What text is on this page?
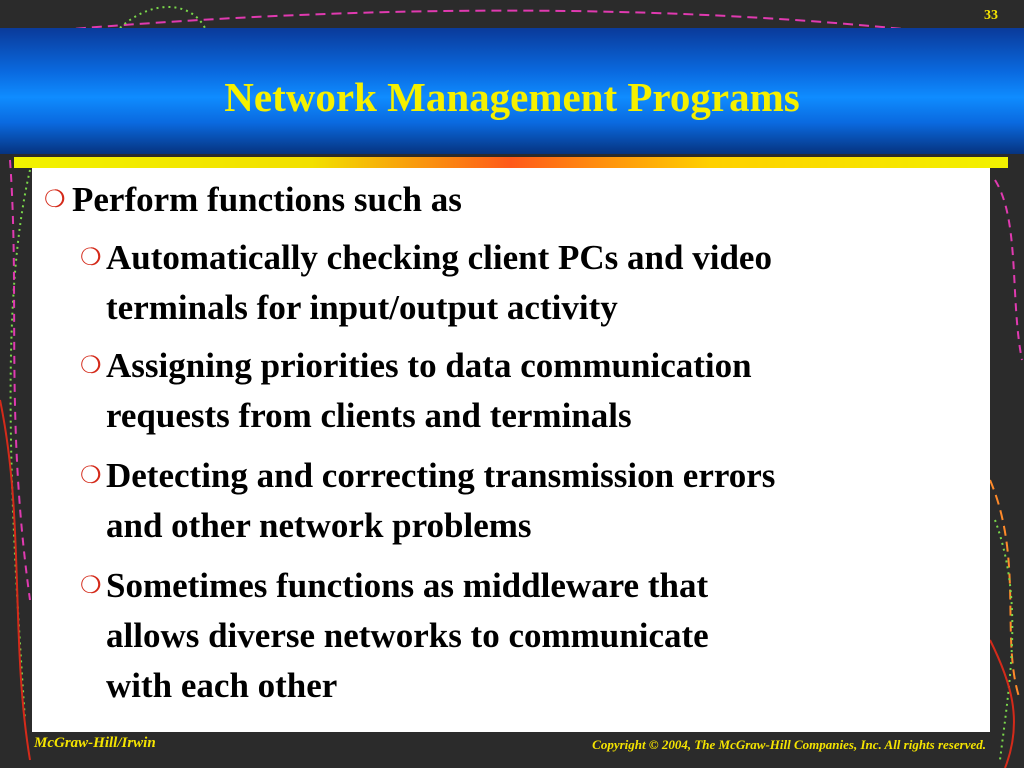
33
Network Management Programs
❍ Perform functions such as
❍ Automatically checking client PCs and video
terminals for input/output activity
❍ Assigning priorities to data communication
requests from clients and terminals
❍ Detecting and correcting transmission errors
and other network problems
❍ Sometimes functions as middleware that
allows diverse networks to communicate
with each other
McGraw-Hill/Irwin	Copyright © 2004, The McGraw-Hill Companies, Inc. All rights reserved.
